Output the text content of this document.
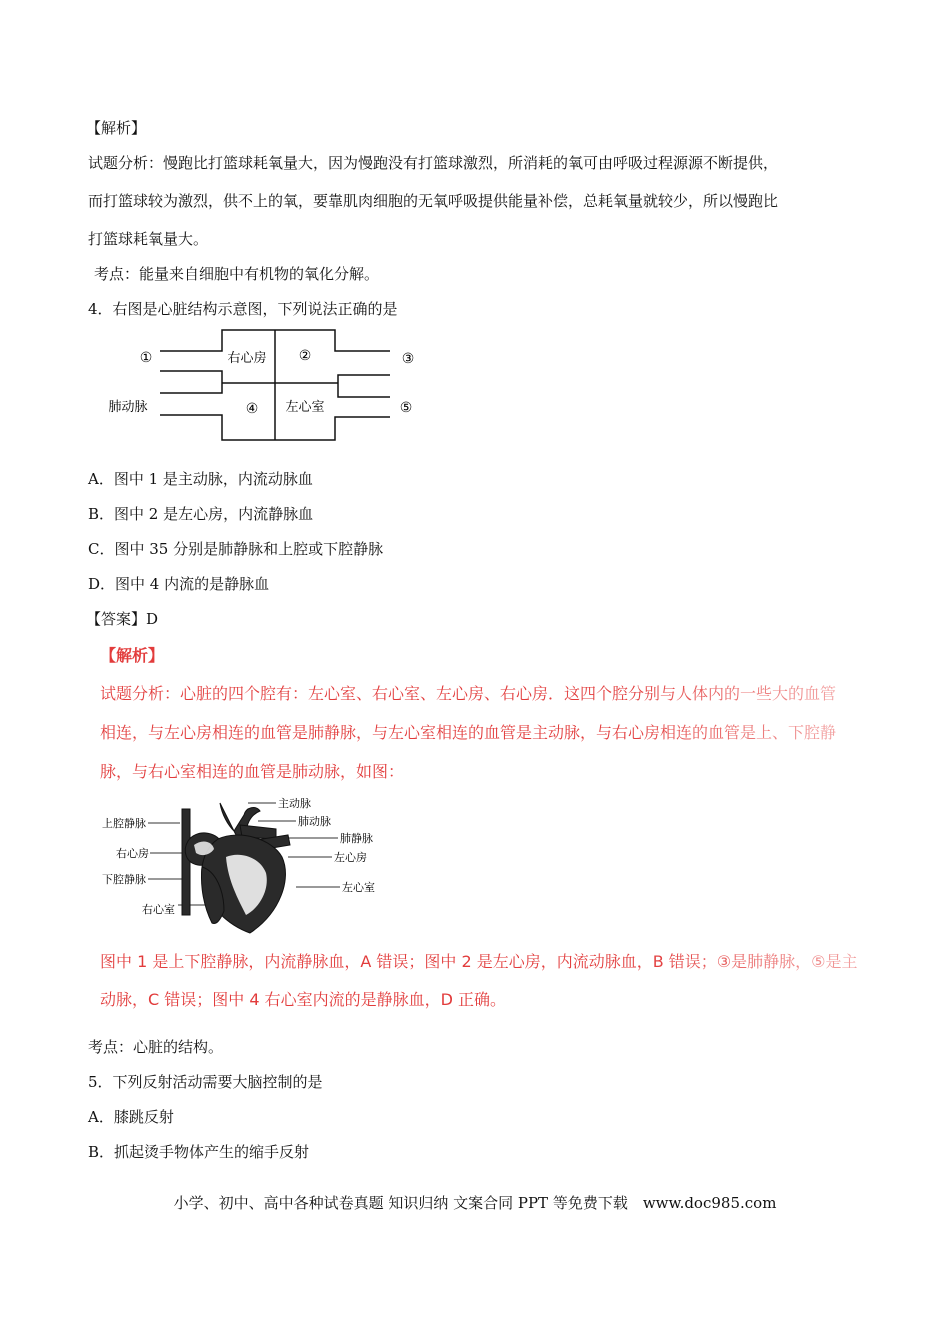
【解析】
试题分析：慢跑比打篮球耗氧量大，因为慢跑没有打篮球激烈，所消耗的氧可由呼吸过程源源不断提供，
而打篮球较为激烈，供不上的氧，要靠肌肉细胞的无氧呼吸提供能量补偿，总耗氧量就较少，所以慢跑比
打篮球耗氧量大。
考点：能量来自细胞中有机物的氧化分解。
4．右图是心脏结构示意图，下列说法正确的是
①	右心房 ②	③
肺动脉	④ 左心室	⑤
A．图中 1 是主动脉，内流动脉血
B．图中 2 是左心房，内流静脉血
C．图中 35 分别是肺静脉和上腔或下腔静脉
D．图中 4 内流的是静脉血
【答案】D
【解析】
试题分析：心脏的四个腔有：左心室、右心室、左心房、右心房．这四个腔分别与人体内的一些大的血管
相连，与左心房相连的血管是肺静脉，与左心室相连的血管是主动脉，与右心房相连的血管是上、下腔静
脉，与右心室相连的血管是肺动脉，如图：
主动脉
肺动脉
肺静脉
左心房
左心室
上腔静脉
右心房
下腔静脉
右心室
图中 1 是上下腔静脉，内流静脉血，A 错误；图中 2 是左心房，内流动脉血，B 错误；③是肺静脉，⑤是主
动脉，C 错误；图中 4 右心室内流的是静脉血，D 正确。
考点：心脏的结构。
5．下列反射活动需要大脑控制的是
A．膝跳反射
B．抓起烫手物体产生的缩手反射
小学、初中、高中各种试卷真题 知识归纳 文案合同 PPT 等免费下载　www.doc985.com
